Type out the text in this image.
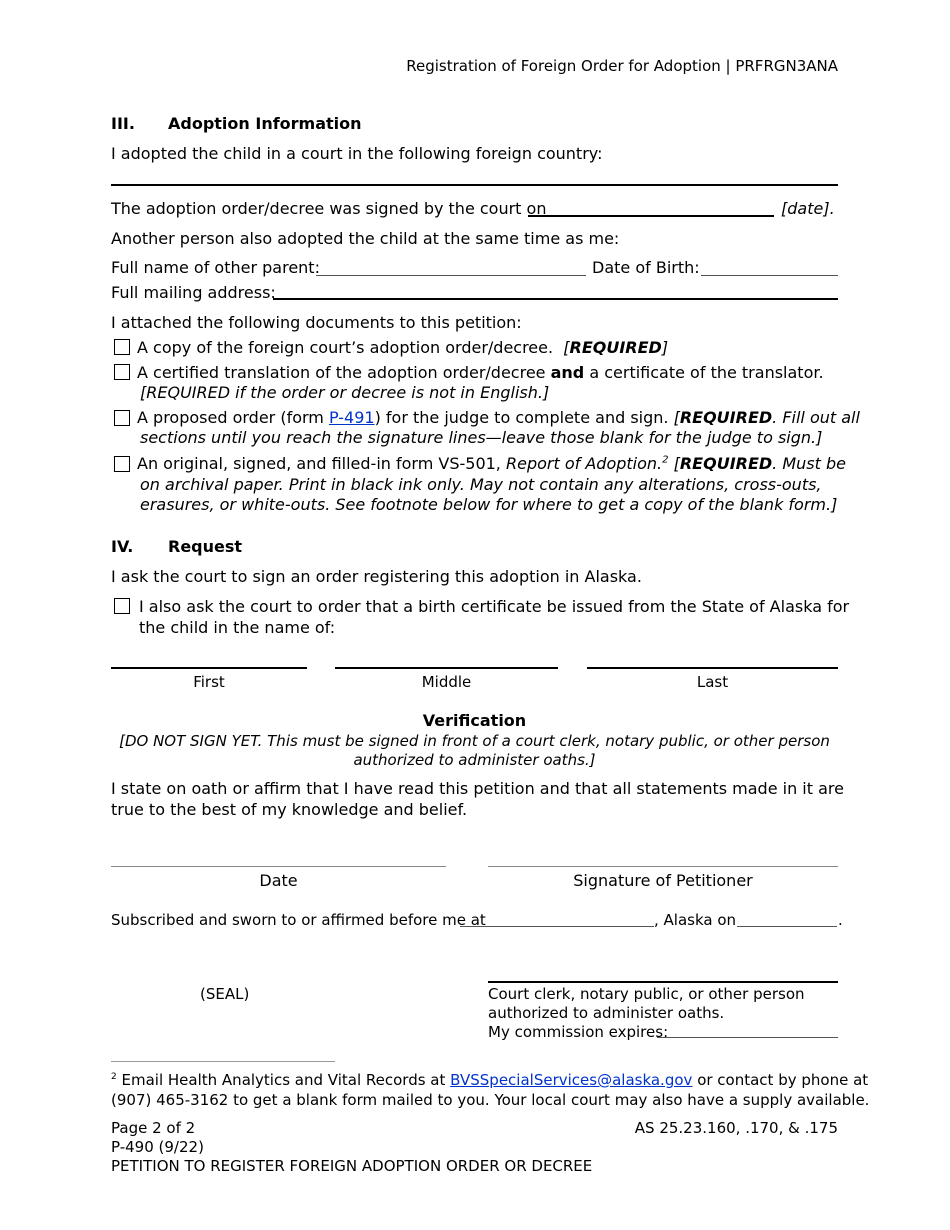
Registration of Foreign Order for Adoption | PRFRGN3ANA
III. Adoption Information
I adopted the child in a court in the following foreign country:
The adoption order/decree was signed by the court on	[date].
Another person also adopted the child at the same time as me:
Full name of other parent:	Date of Birth:
Full mailing address:
I attached the following documents to this petition:
A copy of the foreign court’s adoption order/decree. [REQUIRED]
A certified translation of the adoption order/decree and a certificate of the translator.
[REQUIRED if the order or decree is not in English.]
A proposed order (form P-491) for the judge to complete and sign. [REQUIRED. Fill out all
sections until you reach the signature lines—leave those blank for the judge to sign.]
An original, signed, and filled-in form VS-501, Report of Adoption.$^2$ [REQUIRED. Must be
on archival paper. Print in black ink only. May not contain any alterations, cross-outs,
erasures, or white-outs. See footnote below for where to get a copy of the blank form.]
IV. Request
I ask the court to sign an order registering this adoption in Alaska.
I also ask the court to order that a birth certificate be issued from the State of Alaska for
the child in the name of:
First	Middle	Last
Verification
[DO NOT SIGN YET. This must be signed in front of a court clerk, notary public, or other person
authorized to administer oaths.]
I state on oath or affirm that I have read this petition and that all statements made in it are
true to the best of my knowledge and belief.
Date	Signature of Petitioner
Subscribed and sworn to or affirmed before me at	, Alaska on	.
(SEAL)	Court clerk, notary public, or other person
authorized to administer oaths.
My commission expires:
$^2$ Email Health Analytics and Vital Records at BVSSpecialServices@alaska.gov or contact by phone at
(907) 465-3162 to get a blank form mailed to you. Your local court may also have a supply available.
Page 2 of 2
P-490 (9/22)
PETITION TO REGISTER FOREIGN ADOPTION ORDER OR DECREE
AS 25.23.160, .170, & .175
